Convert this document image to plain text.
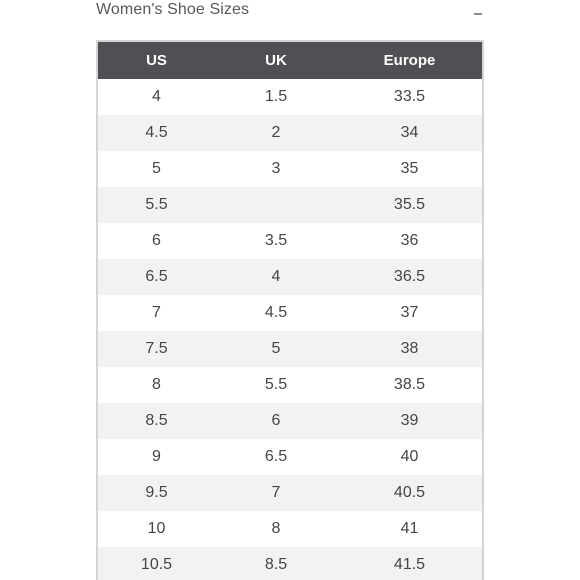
Women's Shoe Sizes
US	UK	Europe
4	1.5	33.5
4.5	2	34
5	3	35
5.5		35.5
6	3.5	36
6.5	4	36.5
7	4.5	37
7.5	5	38
8	5.5	38.5
8.5	6	39
9	6.5	40
9.5	7	40.5
10	8	41
10.5	8.5	41.5
